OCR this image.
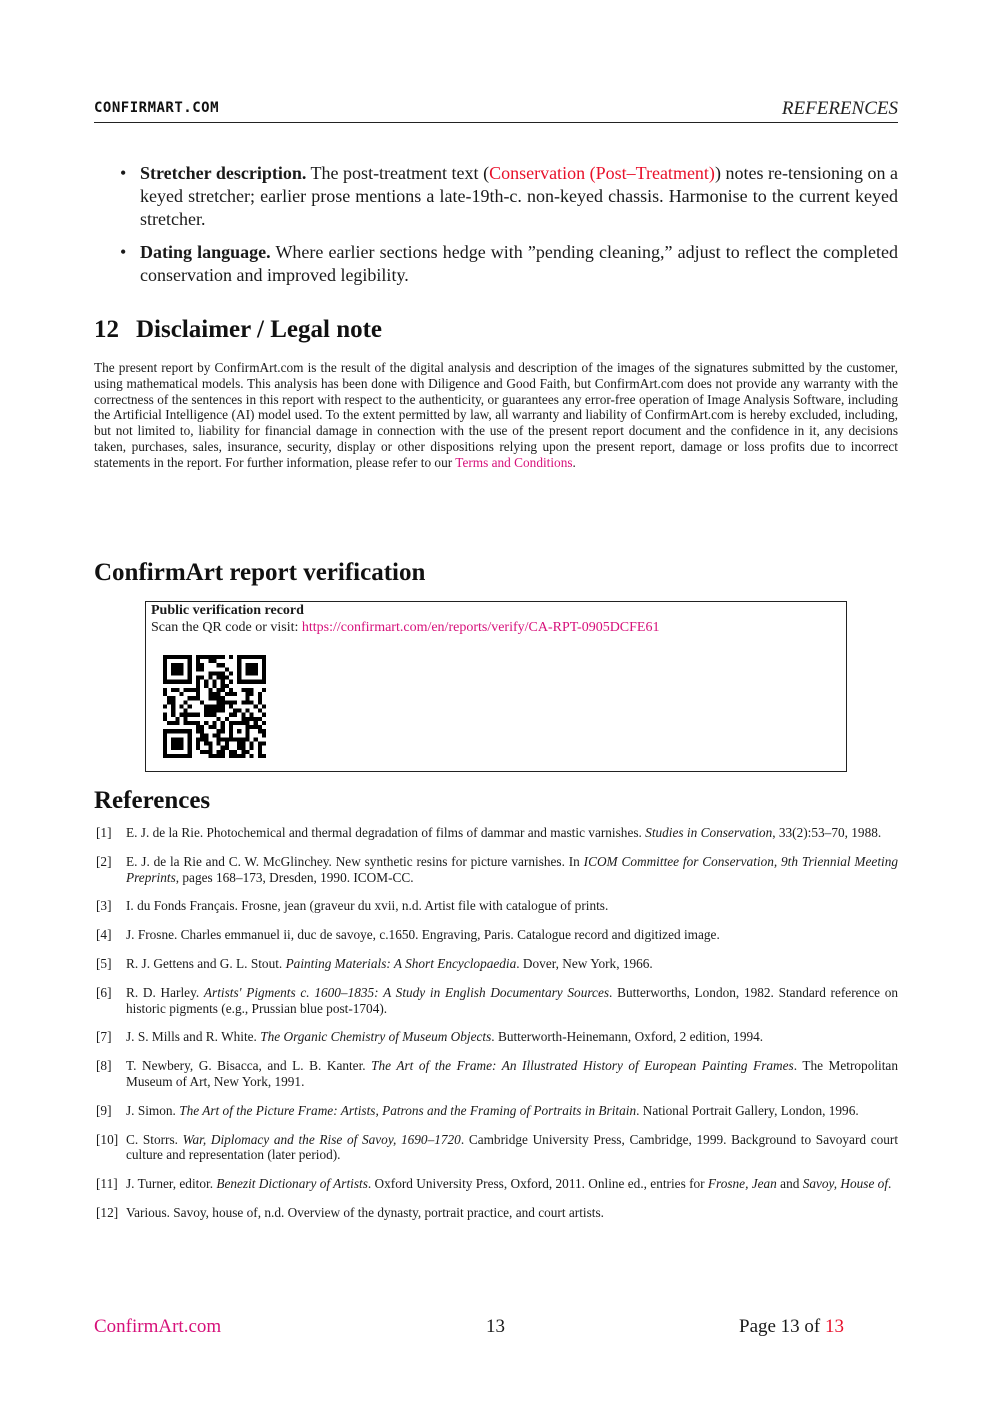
CONFIRMART.COM	REFERENCES
• Stretcher description. The post-treatment text (Conservation (Post–Treatment)) notes re-tensioning on a keyed stretcher; earlier prose mentions a late-19th-c. non-keyed chassis. Harmonise to the current keyed stretcher.
• Dating language. Where earlier sections hedge with ”pending cleaning,” adjust to reflect the completed conservation and improved legibility.
12 Disclaimer / Legal note

The present report by ConfirmArt.com is the result of the digital analysis and description of the images of the signatures submitted by the customer, using mathematical models. This analysis has been done with Diligence and Good Faith, but ConfirmArt.com does not provide any warranty with the correctness of the sentences in this report with respect to the authenticity, or guarantees any error-free operation of Image Analysis Software, including the Artificial Intelligence (AI) model used. To the extent permitted by law, all warranty and liability of ConfirmArt.com is hereby excluded, including, but not limited to, liability for financial damage in connection with the use of the present report document and the confidence in it, any decisions taken, purchases, sales, insurance, security, display or other dispositions relying upon the present report, damage or loss profits due to incorrect statements in the report. For further information, please refer to our Terms and Conditions.

ConfirmArt report verification
Public verification record
Scan the QR code or visit: https://confirmart.com/en/reports/verify/CA-RPT-0905DCFE61
References
[1] E. J. de la Rie. Photochemical and thermal degradation of films of dammar and mastic varnishes. Studies in Conservation, 33(2):53–70, 1988.
[2] E. J. de la Rie and C. W. McGlinchey. New synthetic resins for picture varnishes. In ICOM Committee for Conservation, 9th Triennial Meeting Preprints, pages 168–173, Dresden, 1990. ICOM-CC.
[3] I. du Fonds Français. Frosne, jean (graveur du xvii, n.d. Artist file with catalogue of prints.
[4] J. Frosne. Charles emmanuel ii, duc de savoye, c.1650. Engraving, Paris. Catalogue record and digitized image.
[5] R. J. Gettens and G. L. Stout. Painting Materials: A Short Encyclopaedia. Dover, New York, 1966.
[6] R. D. Harley. Artists' Pigments c. 1600–1835: A Study in English Documentary Sources. Butterworths, London, 1982. Standard reference on historic pigments (e.g., Prussian blue post-1704).
[7] J. S. Mills and R. White. The Organic Chemistry of Museum Objects. Butterworth-Heinemann, Oxford, 2 edition, 1994.
[8] T. Newbery, G. Bisacca, and L. B. Kanter. The Art of the Frame: An Illustrated History of European Painting Frames. The Metropolitan Museum of Art, New York, 1991.
[9] J. Simon. The Art of the Picture Frame: Artists, Patrons and the Framing of Portraits in Britain. National Portrait Gallery, London, 1996.
[10] C. Storrs. War, Diplomacy and the Rise of Savoy, 1690–1720. Cambridge University Press, Cambridge, 1999. Background to Savoyard court culture and representation (later period).
[11] J. Turner, editor. Benezit Dictionary of Artists. Oxford University Press, Oxford, 2011. Online ed., entries for Frosne, Jean and Savoy, House of.
[12] Various. Savoy, house of, n.d. Overview of the dynasty, portrait practice, and court artists.
ConfirmArt.com	13	Page 13 of 13
